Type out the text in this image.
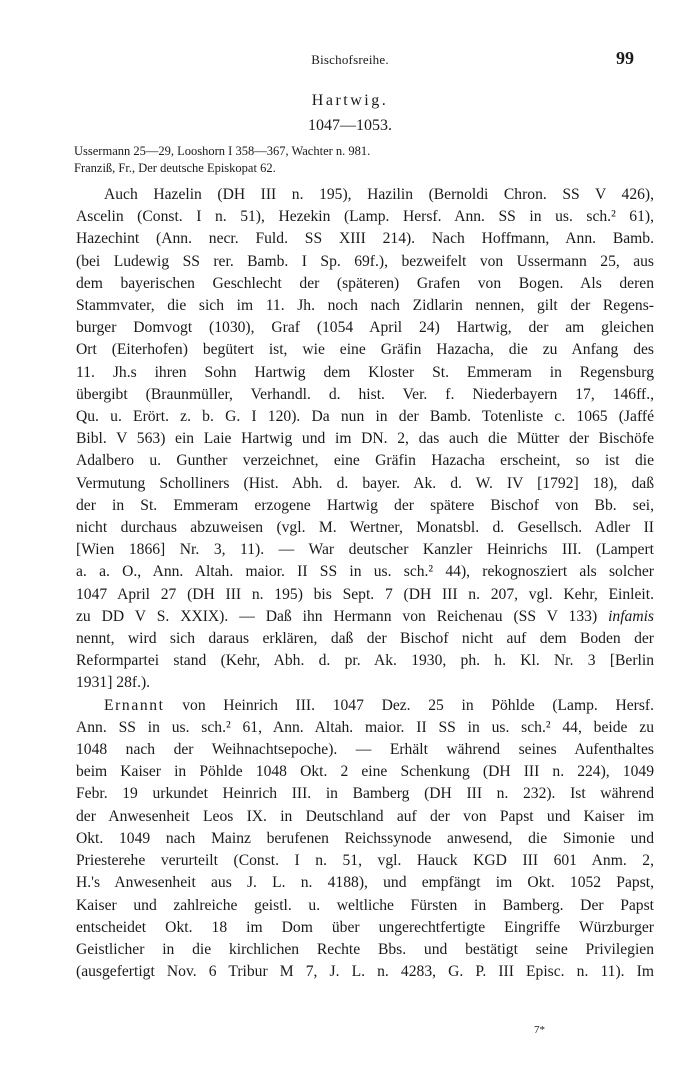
Bischofsreihe.	99
Hartwig.
1047—1053.
Ussermann 25—29, Looshorn I 358—367, Wachter n. 981.
Franziß, Fr., Der deutsche Episkopat 62.
Auch Hazelin (DH III n. 195), Hazilin (Bernoldi Chron. SS V 426),
Ascelin (Const. I n. 51), Hezekin (Lamp. Hersf. Ann. SS in us. sch.² 61),
Hazechint (Ann. necr. Fuld. SS XIII 214). Nach Hoffmann, Ann. Bamb.
(bei Ludewig SS rer. Bamb. I Sp. 69f.), bezweifelt von Ussermann 25, aus
dem bayerischen Geschlecht der (späteren) Grafen von Bogen. Als deren
Stammvater, die sich im 11. Jh. noch nach Zidlarin nennen, gilt der Regens-
burger Domvogt (1030), Graf (1054 April 24) Hartwig, der am gleichen
Ort (Eiterhofen) begütert ist, wie eine Gräfin Hazacha, die zu Anfang des
11. Jh.s ihren Sohn Hartwig dem Kloster St. Emmeram in Regensburg
übergibt (Braunmüller, Verhandl. d. hist. Ver. f. Niederbayern 17, 146ff.,
Qu. u. Erört. z. b. G. I 120). Da nun in der Bamb. Totenliste c. 1065 (Jaffé
Bibl. V 563) ein Laie Hartwig und im DN. 2, das auch die Mütter der Bischöfe
Adalbero u. Gunther verzeichnet, eine Gräfin Hazacha erscheint, so ist die
Vermutung Scholliners (Hist. Abh. d. bayer. Ak. d. W. IV [1792] 18), daß
der in St. Emmeram erzogene Hartwig der spätere Bischof von Bb. sei,
nicht durchaus abzuweisen (vgl. M. Wertner, Monatsbl. d. Gesellsch. Adler II
[Wien 1866] Nr. 3, 11). — War deutscher Kanzler Heinrichs III. (Lampert
a. a. O., Ann. Altah. maior. II SS in us. sch.² 44), rekognosziert als solcher
1047 April 27 (DH III n. 195) bis Sept. 7 (DH III n. 207, vgl. Kehr, Einleit.
zu DD V S. XXIX). — Daß ihn Hermann von Reichenau (SS V 133) infamis
nennt, wird sich daraus erklären, daß der Bischof nicht auf dem Boden der
Reformpartei stand (Kehr, Abh. d. pr. Ak. 1930, ph. h. Kl. Nr. 3 [Berlin
1931] 28f.).
Ernannt von Heinrich III. 1047 Dez. 25 in Pöhlde (Lamp. Hersf.
Ann. SS in us. sch.² 61, Ann. Altah. maior. II SS in us. sch.² 44, beide zu
1048 nach der Weihnachtsepoche). — Erhält während seines Aufenthaltes
beim Kaiser in Pöhlde 1048 Okt. 2 eine Schenkung (DH III n. 224), 1049
Febr. 19 urkundet Heinrich III. in Bamberg (DH III n. 232). Ist während
der Anwesenheit Leos IX. in Deutschland auf der von Papst und Kaiser im
Okt. 1049 nach Mainz berufenen Reichssynode anwesend, die Simonie und
Priesterehe verurteilt (Const. I n. 51, vgl. Hauck KGD III 601 Anm. 2,
H.'s Anwesenheit aus J. L. n. 4188), und empfängt im Okt. 1052 Papst,
Kaiser und zahlreiche geistl. u. weltliche Fürsten in Bamberg. Der Papst
entscheidet Okt. 18 im Dom über ungerechtfertigte Eingriffe Würzburger
Geistlicher in die kirchlichen Rechte Bbs. und bestätigt seine Privilegien
(ausgefertigt Nov. 6 Tribur M 7, J. L. n. 4283, G. P. III Episc. n. 11). Im
7*
